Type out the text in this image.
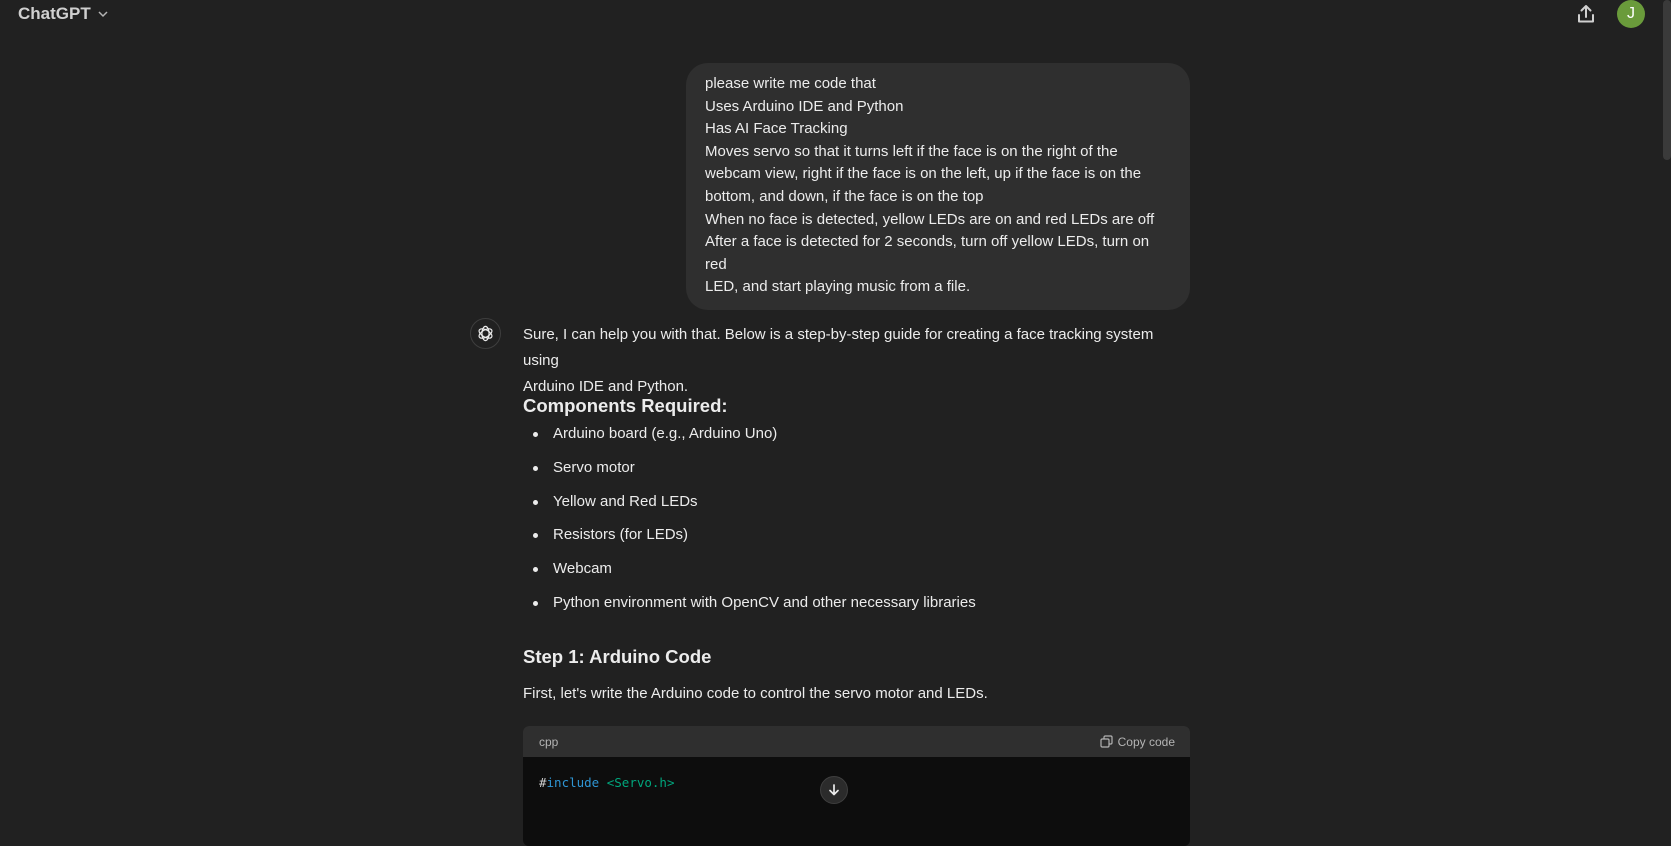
ChatGPT	J
please write me code that
Uses Arduino IDE and Python
Has AI Face Tracking
Moves servo so that it turns left if the face is on the right of the
webcam view, right if the face is on the left, up if the face is on the
bottom, and down, if the face is on the top
When no face is detected, yellow LEDs are on and red LEDs are off
After a face is detected for 2 seconds, turn off yellow LEDs, turn on red
LED, and start playing music from a file.

Sure, I can help you with that. Below is a step-by-step guide for creating a face tracking system using

Arduino IDE and Python.

Components Required:
Arduino board (e.g., Arduino Uno)
Servo motor
Yellow and Red LEDs
Resistors (for LEDs)
Webcam
Python environment with OpenCV and other necessary libraries
Step 1: Arduino Code

First, let's write the Arduino code to control the servo motor and LEDs.

cpp	Copy code
#include <Servo.h>
